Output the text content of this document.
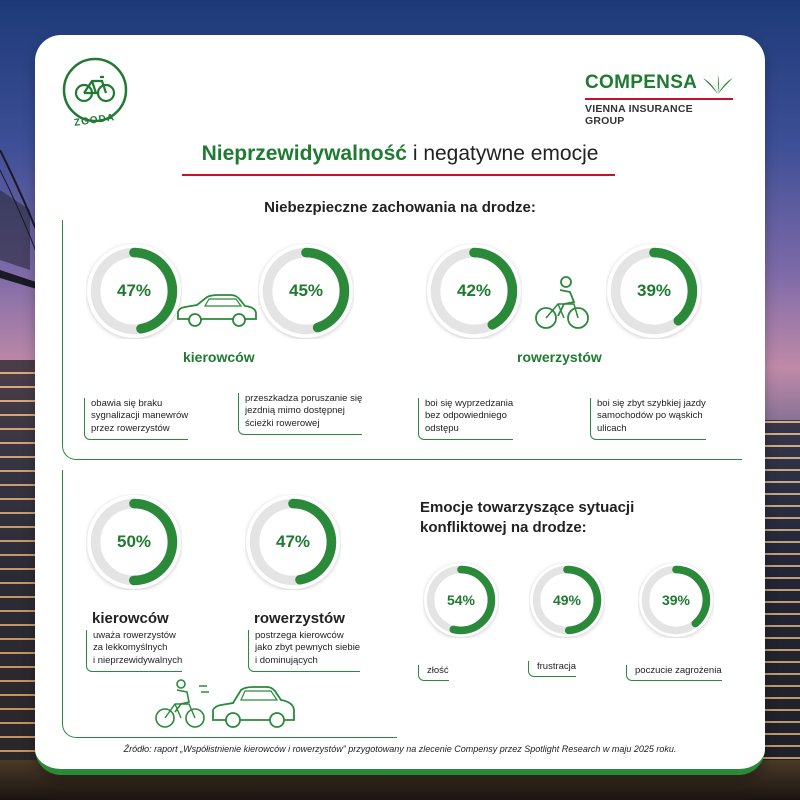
ZGODA
COMPENSA
VIENNA INSURANCE GROUP
Nieprzewidywalność i negatywne emocje
Niebezpieczne zachowania na drodze:
47%	45%	42%	39%
kierowców	rowerzystów
obawia się braku
sygnalizacji manewrów
przez rowerzystów
przeszkadza poruszanie się
jezdnią mimo dostępnej
ścieżki rowerowej
boi się wyprzedzania
bez odpowiedniego
odstępu
boi się zbyt szybkiej jazdy
samochodów po wąskich
ulicach
50%	47%
kierowców	rowerzystów
uważa rowerzystów
za lekkomyślnych
i nieprzewidywalnych
postrzega kierowców
jako zbyt pewnych siebie
i dominujących
Emocje towarzyszące sytuacji
konfliktowej na drodze:
54%	49%	39%
złość	frustracja	poczucie zagrożenia
Źródło: raport „Współistnienie kierowców i rowerzystów” przygotowany na zlecenie Compensy przez Spotlight Research w maju 2025 roku.
